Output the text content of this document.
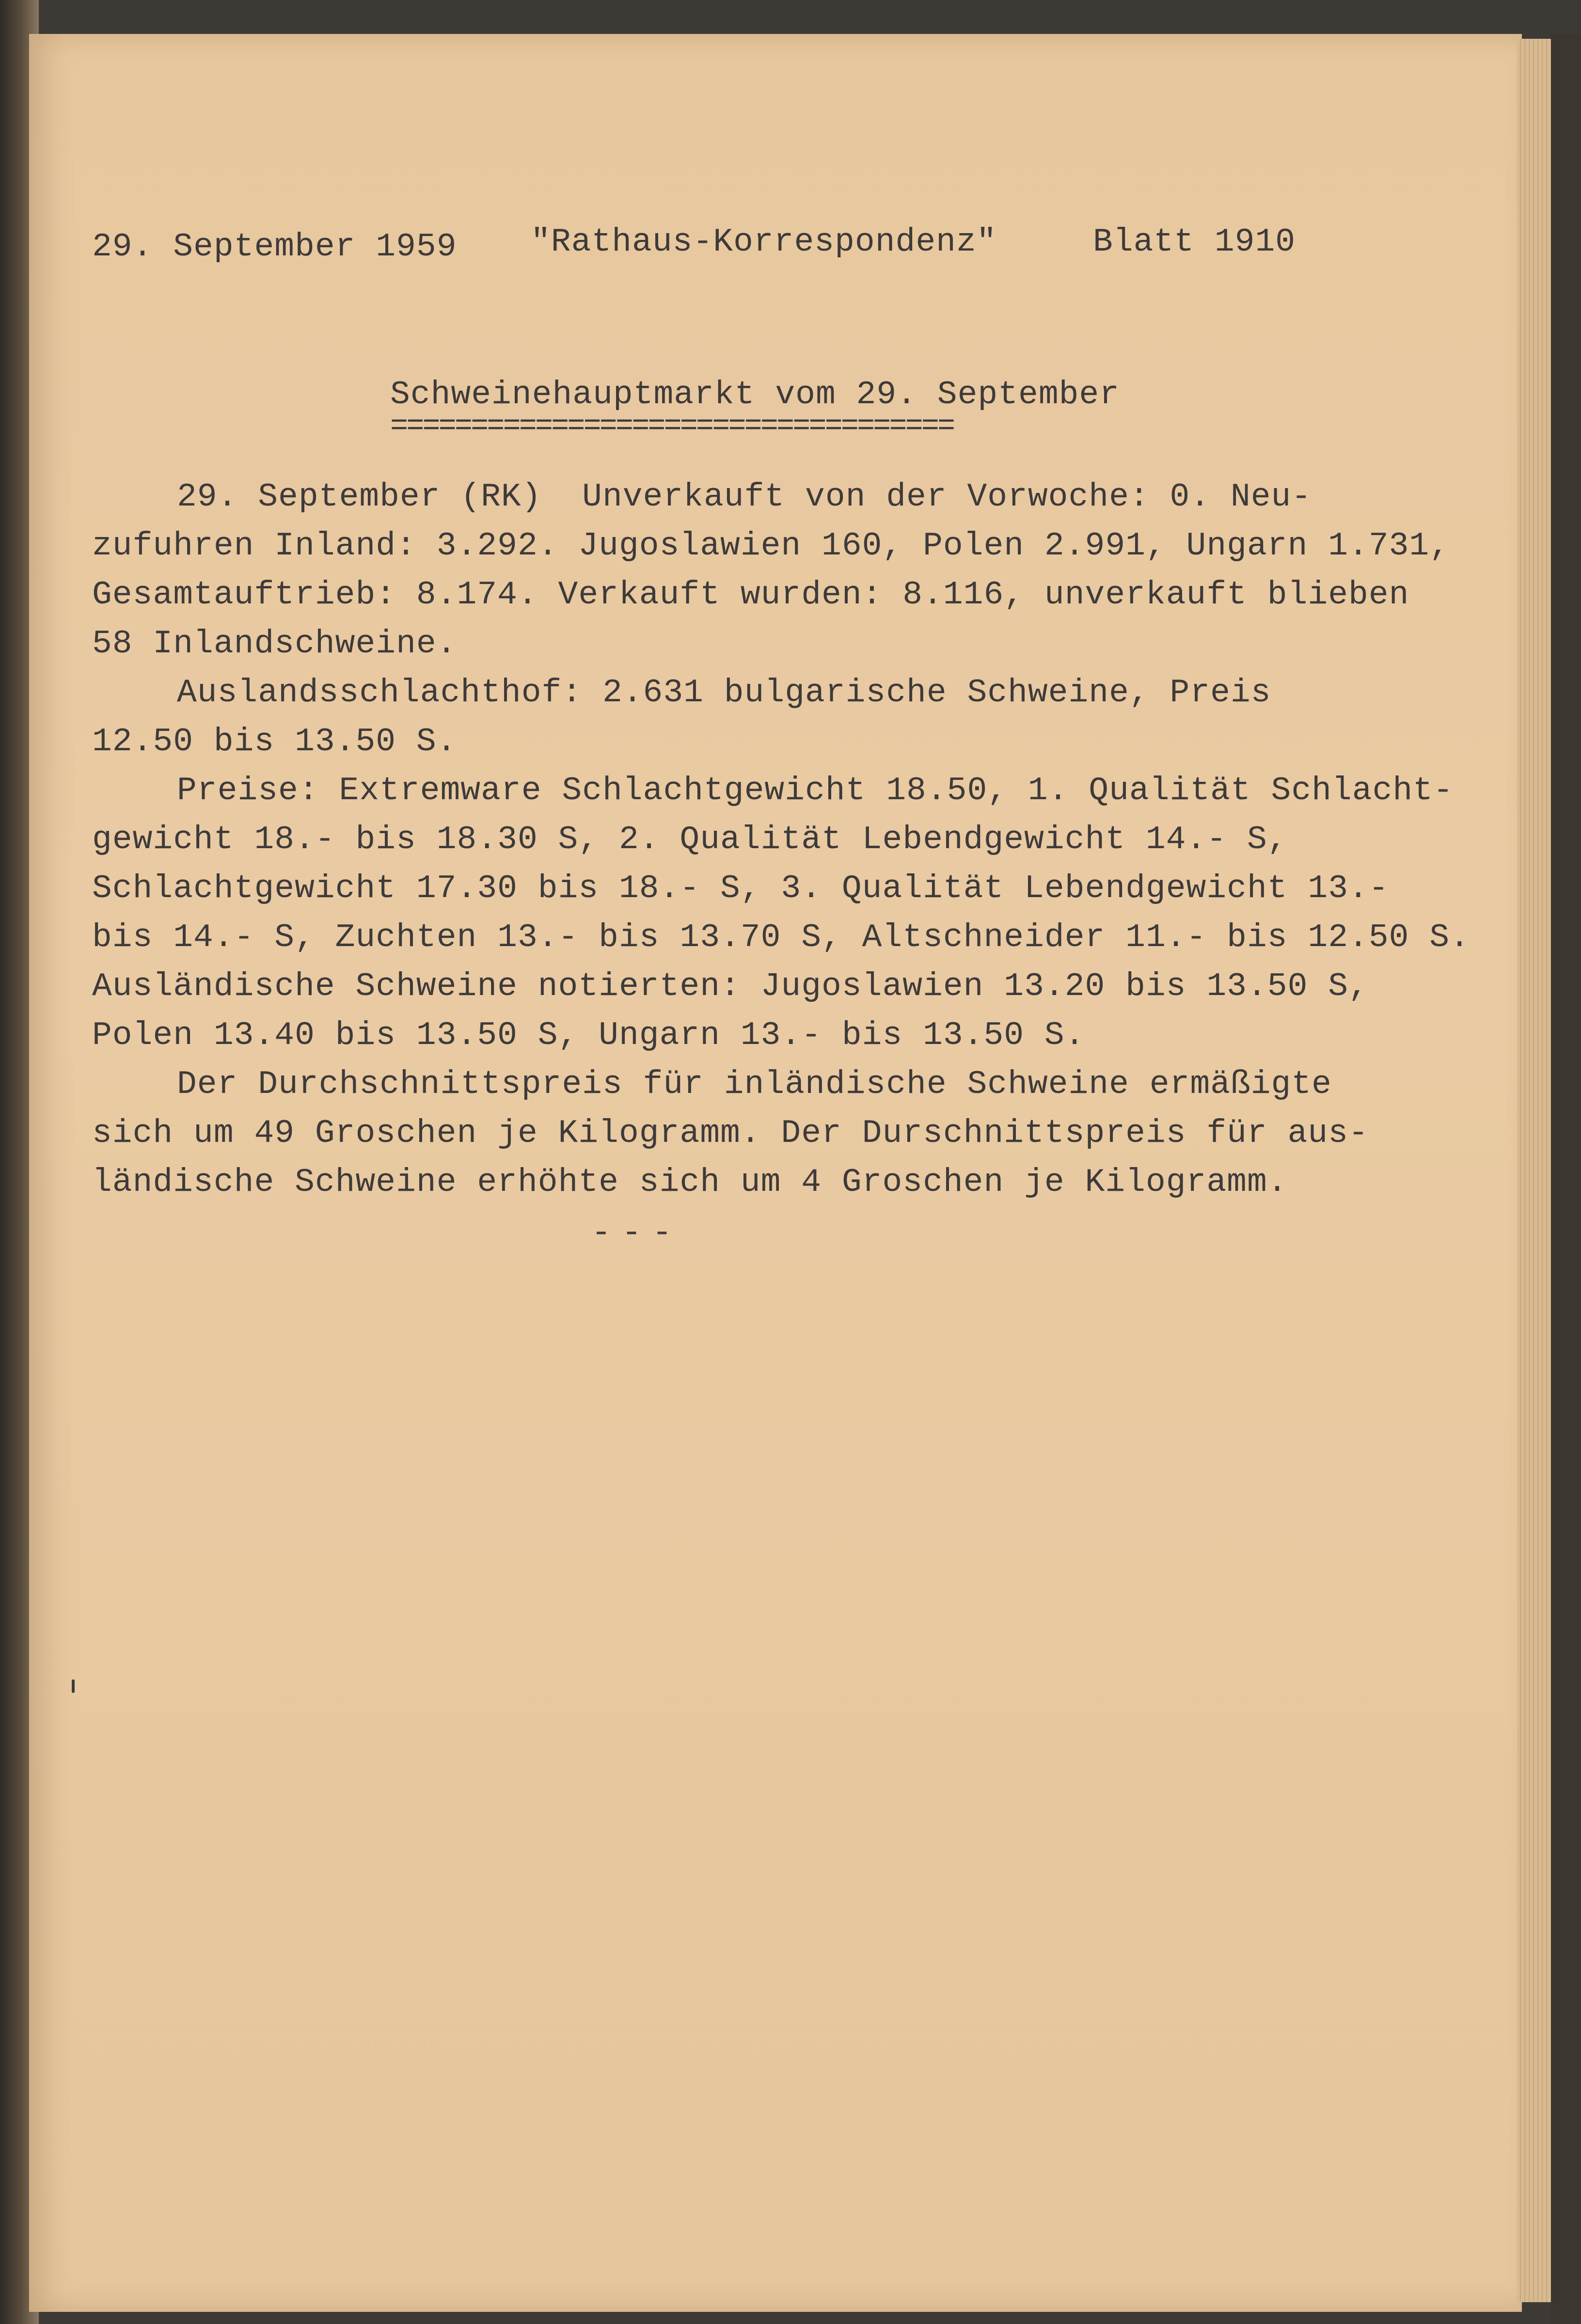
29. September 1959 "Rathaus-Korrespondenz"	Blatt 1910
Schweinehauptmarkt vom 29. September
===================================
29. September (RK)  Unverkauft von der Vorwoche: 0. Neu-
zufuhren Inland: 3.292. Jugoslawien 160, Polen 2.991, Ungarn 1.731,
Gesamtauftrieb: 8.174. Verkauft wurden: 8.116, unverkauft blieben
58 Inlandschweine.
Auslandsschlachthof: 2.631 bulgarische Schweine, Preis
12.50 bis 13.50 S.
Preise: Extremware Schlachtgewicht 18.50, 1. Qualität Schlacht-
gewicht 18.- bis 18.30 S, 2. Qualität Lebendgewicht 14.- S,
Schlachtgewicht 17.30 bis 18.- S, 3. Qualität Lebendgewicht 13.-
bis 14.- S, Zuchten 13.- bis 13.70 S, Altschneider 11.- bis 12.50 S.
Ausländische Schweine notierten: Jugoslawien 13.20 bis 13.50 S,
Polen 13.40 bis 13.50 S, Ungarn 13.- bis 13.50 S.
Der Durchschnittspreis für inländische Schweine ermäßigte
sich um 49 Groschen je Kilogramm. Der Durschnittspreis für aus-
ländische Schweine erhöhte sich um 4 Groschen je Kilogramm.
---
